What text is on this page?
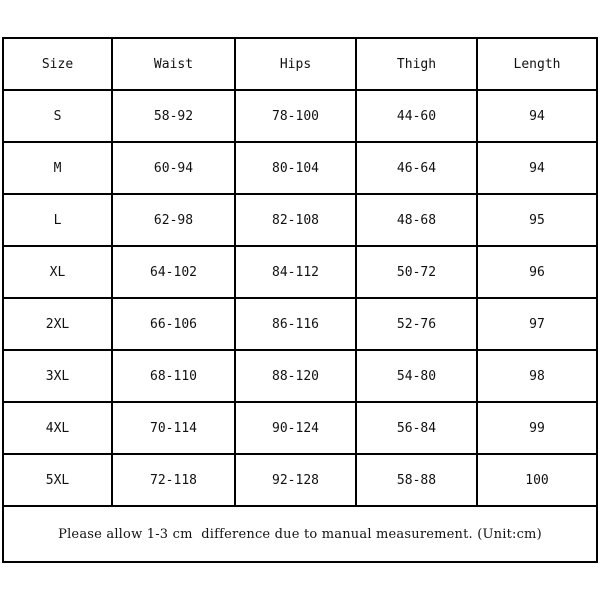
Size	Waist	Hips	Thigh	Length
S	58-92	78-100	44-60	94
M	60-94	80-104	46-64	94
L	62-98	82-108	48-68	95
XL	64-102	84-112	50-72	96
2XL	66-106	86-116	52-76	97
3XL	68-110	88-120	54-80	98
4XL	70-114	90-124	56-84	99
5XL	72-118	92-128	58-88	100
Please allow 1-3 cm  difference due to manual measurement. (Unit:cm)				
